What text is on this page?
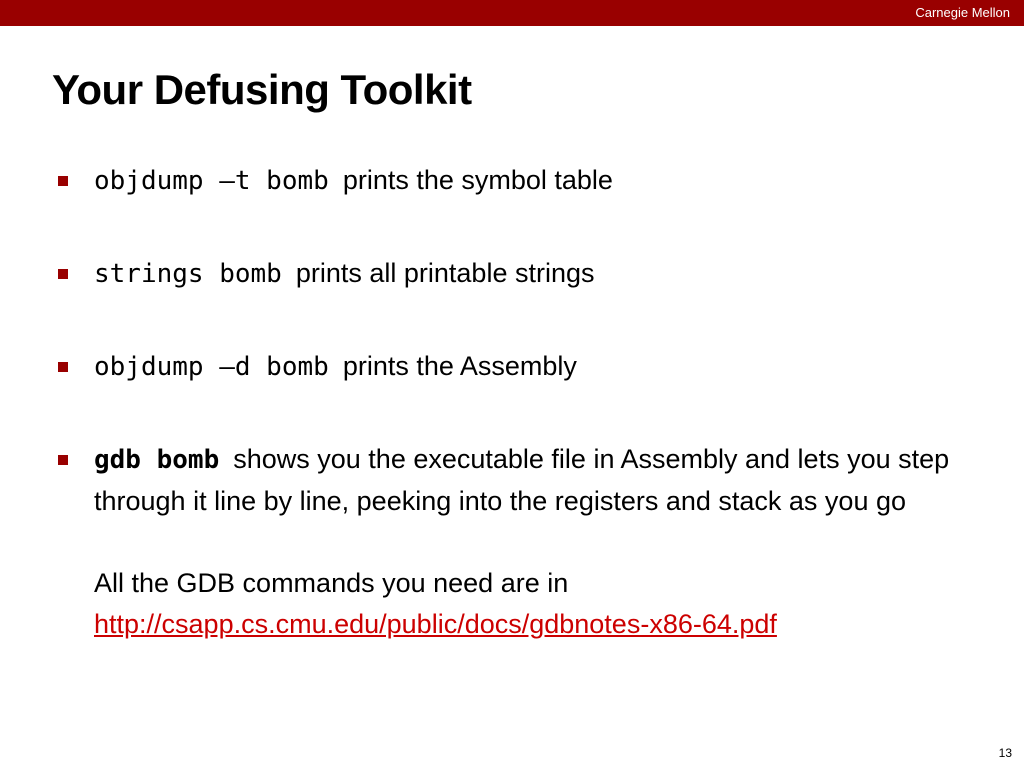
Carnegie Mellon
Your Defusing Toolkit
objdump –t bomb prints the symbol table
strings bomb prints all printable strings
objdump –d bomb prints the Assembly
gdb bomb shows you the executable file in Assembly and lets you step through it line by line, peeking into the registers and stack as you go
All the GDB commands you need are in
http://csapp.cs.cmu.edu/public/docs/gdbnotes-x86-64.pdf
13
